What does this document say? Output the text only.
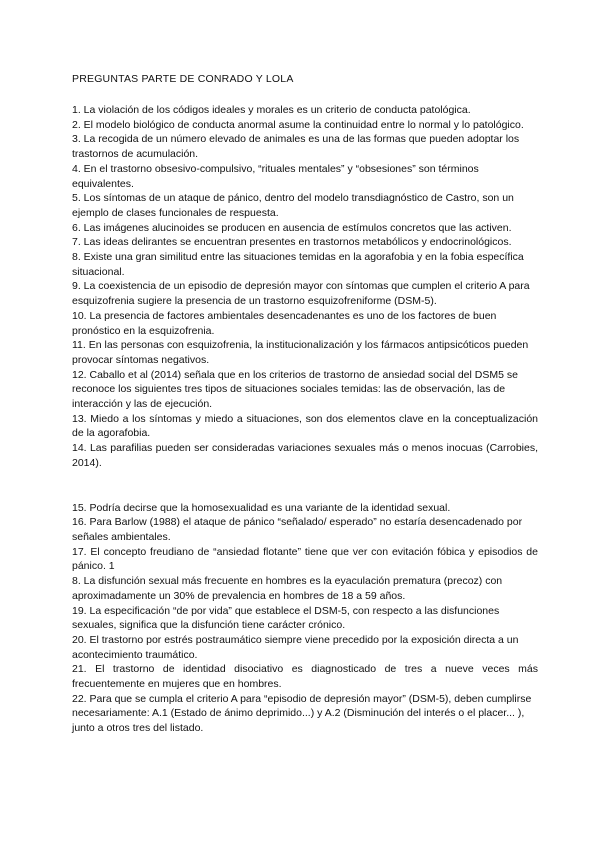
PREGUNTAS PARTE DE CONRADO Y LOLA

1. La violación de los códigos ideales y morales es un criterio de conducta patológica.

2. El modelo biológico de conducta anormal asume la continuidad entre lo normal y lo patológico.

3. La recogida de un número elevado de animales es una de las formas que pueden adoptar los trastornos de acumulación.

4. En el trastorno obsesivo-compulsivo, “rituales mentales” y “obsesiones” son términos equivalentes.

5. Los síntomas de un ataque de pánico, dentro del modelo transdiagnóstico de Castro, son un ejemplo de clases funcionales de respuesta.

6. Las imágenes alucinoides se producen en ausencia de estímulos concretos que las activen.

7. Las ideas delirantes se encuentran presentes en trastornos metabólicos y endocrinológicos.

8. Existe una gran similitud entre las situaciones temidas en la agorafobia y en la fobia específica situacional.

9. La coexistencia de un episodio de depresión mayor con síntomas que cumplen el criterio A para esquizofrenia sugiere la presencia de un trastorno esquizofreniforme (DSM-5).

10. La presencia de factores ambientales desencadenantes es uno de los factores de buen pronóstico en la esquizofrenia.

11. En las personas con esquizofrenia, la institucionalización y los fármacos antipsicóticos pueden provocar síntomas negativos.

12. Caballo et al (2014) señala que en los criterios de trastorno de ansiedad social del DSM5 se reconoce los siguientes tres tipos de situaciones sociales temidas: las de observación, las de interacción y las de ejecución.

13. Miedo a los síntomas y miedo a situaciones, son dos elementos clave en la conceptualización de la agorafobia.

14. Las parafilias pueden ser consideradas variaciones sexuales más o menos inocuas (Carrobies, 2014).

15. Podría decirse que la homosexualidad es una variante de la identidad sexual.

16. Para Barlow (1988) el ataque de pánico “señalado/ esperado” no estaría desencadenado por señales ambientales.

17. El concepto freudiano de “ansiedad flotante” tiene que ver con evitación fóbica y episodios de pánico. 1

8. La disfunción sexual más frecuente en hombres es la eyaculación prematura (precoz) con aproximadamente un 30% de prevalencia en hombres de 18 a 59 años.

19. La especificación “de por vida” que establece el DSM-5, con respecto a las disfunciones sexuales, significa que la disfunción tiene carácter crónico.

20. El trastorno por estrés postraumático siempre viene precedido por la exposición directa a un acontecimiento traumático.

21. El trastorno de identidad disociativo es diagnosticado de tres a nueve veces más frecuentemente en mujeres que en hombres.

22. Para que se cumpla el criterio A para “episodio de depresión mayor” (DSM-5), deben cumplirse necesariamente: A.1 (Estado de ánimo deprimido...) y A.2 (Disminución del interés o el placer... ), junto a otros tres del listado.
